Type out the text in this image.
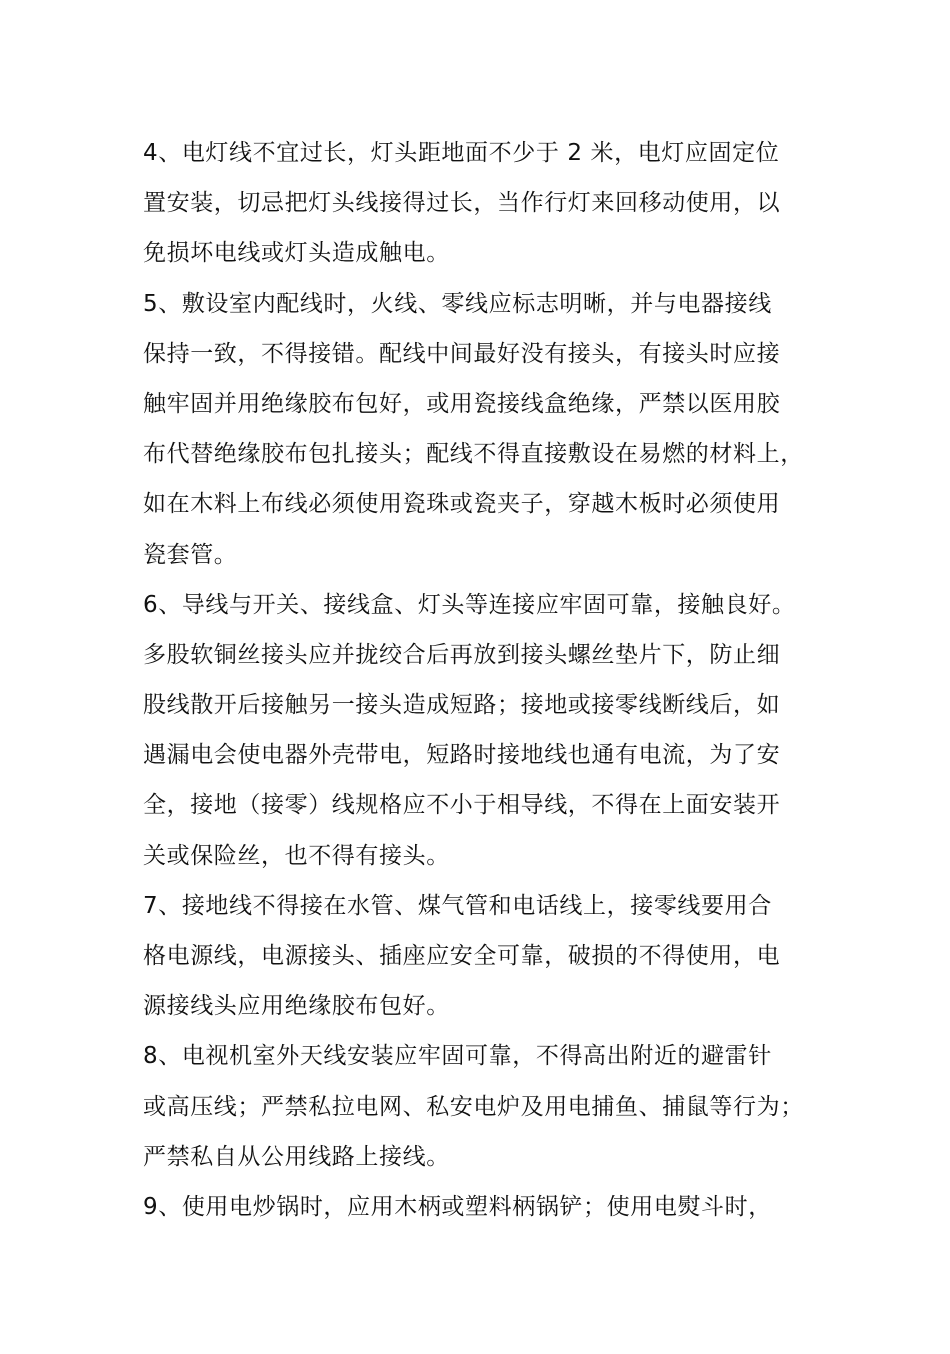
4、电灯线不宜过长，灯头距地面不少于 2 米，电灯应固定位
置安装，切忌把灯头线接得过长，当作行灯来回移动使用，以
免损坏电线或灯头造成触电。
5、敷设室内配线时，火线、零线应标志明晰，并与电器接线
保持一致，不得接错。配线中间最好没有接头，有接头时应接
触牢固并用绝缘胶布包好，或用瓷接线盒绝缘，严禁以医用胶
布代替绝缘胶布包扎接头；配线不得直接敷设在易燃的材料上，
如在木料上布线必须使用瓷珠或瓷夹子，穿越木板时必须使用
瓷套管。
6、导线与开关、接线盒、灯头等连接应牢固可靠，接触良好。
多股软铜丝接头应并拢绞合后再放到接头螺丝垫片下，防止细
股线散开后接触另一接头造成短路；接地或接零线断线后，如
遇漏电会使电器外壳带电，短路时接地线也通有电流，为了安
全，接地（接零）线规格应不小于相导线，不得在上面安装开
关或保险丝，也不得有接头。
7、接地线不得接在水管、煤气管和电话线上，接零线要用合
格电源线，电源接头、插座应安全可靠，破损的不得使用，电
源接线头应用绝缘胶布包好。
8、电视机室外天线安装应牢固可靠，不得高出附近的避雷针
或高压线；严禁私拉电网、私安电炉及用电捕鱼、捕鼠等行为；
严禁私自从公用线路上接线。
9、使用电炒锅时，应用木柄或塑料柄锅铲；使用电熨斗时，
